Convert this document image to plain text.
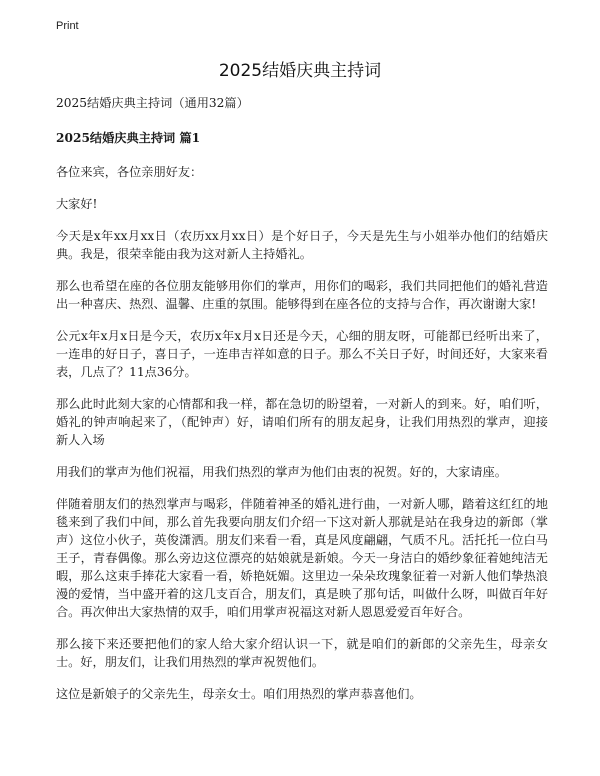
Print
2025结婚庆典主持词

2025结婚庆典主持词（通用32篇）

2025结婚庆典主持词 篇1

各位来宾，各位亲朋好友：

大家好!

今天是x年xx月xx日（农历xx月xx日）是个好日子，今天是先生与小姐举办他们的结婚庆典。我是，很荣幸能由我为这对新人主持婚礼。

那么也希望在座的各位朋友能够用你们的掌声，用你们的喝彩，我们共同把他们的婚礼营造出一种喜庆、热烈、温馨、庄重的氛围。能够得到在座各位的支持与合作，再次谢谢大家!

公元x年x月x日是今天，农历x年x月x日还是今天，心细的朋友呀，可能都已经听出来了，一连串的好日子，喜日子，一连串吉祥如意的日子。那么不关日子好，时间还好，大家来看表，几点了？11点36分。

那么此时此刻大家的心情都和我一样，都在急切的盼望着，一对新人的到来。好，咱们听，婚礼的钟声响起来了，（配钟声）好，请咱们所有的朋友起身，让我们用热烈的掌声，迎接新人入场

用我们的掌声为他们祝福，用我们热烈的掌声为他们由衷的祝贺。好的，大家请座。

伴随着朋友们的热烈掌声与喝彩，伴随着神圣的婚礼进行曲，一对新人哪，踏着这红红的地毯来到了我们中间，那么首先我要向朋友们介绍一下这对新人那就是站在我身边的新郎（掌声）这位小伙子，英俊潇洒。朋友们来看一看，真是风度翩翩，气质不凡。活托托一位白马王子，青春偶像。那么旁边这位漂亮的姑娘就是新娘。今天一身洁白的婚纱象征着她纯洁无暇，那么这束手捧花大家看一看，娇艳妩媚。这里边一朵朵玫瑰象征着一对新人他们挚热浪漫的爱情，当中盛开着的这几支百合，朋友们，真是映了那句话，叫做什么呀，叫做百年好合。再次伸出大家热情的双手，咱们用掌声祝福这对新人恩恩爱爱百年好合。

那么接下来还要把他们的家人给大家介绍认识一下，就是咱们的新郎的父亲先生，母亲女士。好，朋友们，让我们用热烈的掌声祝贺他们。

这位是新娘子的父亲先生，母亲女士。咱们用热烈的掌声恭喜他们。
